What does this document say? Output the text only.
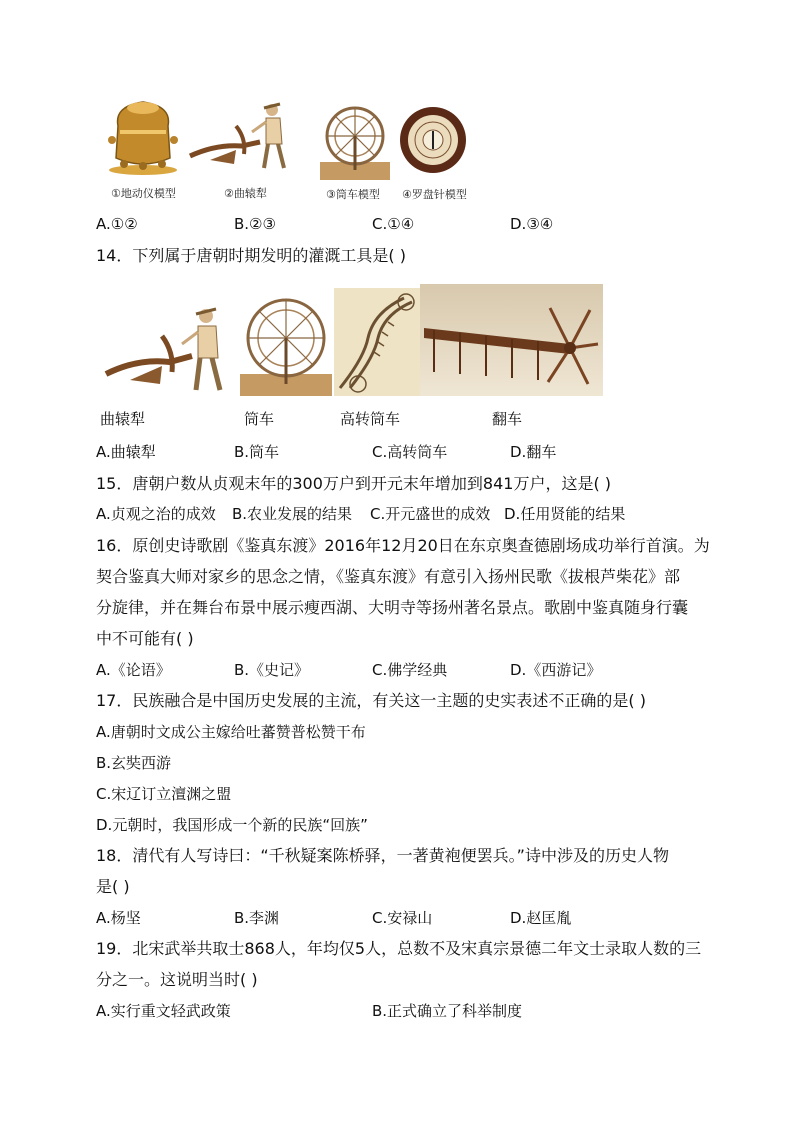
①地动仪模型	②曲辕犁	③筒车模型 ④罗盘针模型
A.①②	B.②③	C.①④	D.③④
14．下列属于唐朝时期发明的灌溉工具是( )
曲辕犁	筒车	高转筒车	翻车
A.曲辕犁	B.筒车	C.高转筒车	D.翻车
15．唐朝户数从贞观末年的300万户到开元末年增加到841万户，这是( )
A.贞观之治的成效 B.农业发展的结果 C.开元盛世的成效 D.任用贤能的结果
16．原创史诗歌剧《鉴真东渡》2016年12月20日在东京奥查德剧场成功举行首演。为
契合鉴真大师对家乡的思念之情，《鉴真东渡》有意引入扬州民歌《拔根芦柴花》部
分旋律，并在舞台布景中展示瘦西湖、大明寺等扬州著名景点。歌剧中鉴真随身行囊
中不可能有( )
A.《论语》	B.《史记》	C.佛学经典	D.《西游记》
17．民族融合是中国历史发展的主流，有关这一主题的史实表述不正确的是( )
A.唐朝时文成公主嫁给吐蕃赞普松赞干布
B.玄奘西游
C.宋辽订立澶渊之盟
D.元朝时，我国形成一个新的民族“回族”
18．清代有人写诗曰：“千秋疑案陈桥驿，一著黄袍便罢兵。”诗中涉及的历史人物
是( )
A.杨坚	B.李渊	C.安禄山	D.赵匡胤
19．北宋武举共取士868人，年均仅5人，总数不及宋真宗景德二年文士录取人数的三
分之一。这说明当时( )
A.实行重文轻武政策	B.正式确立了科举制度
